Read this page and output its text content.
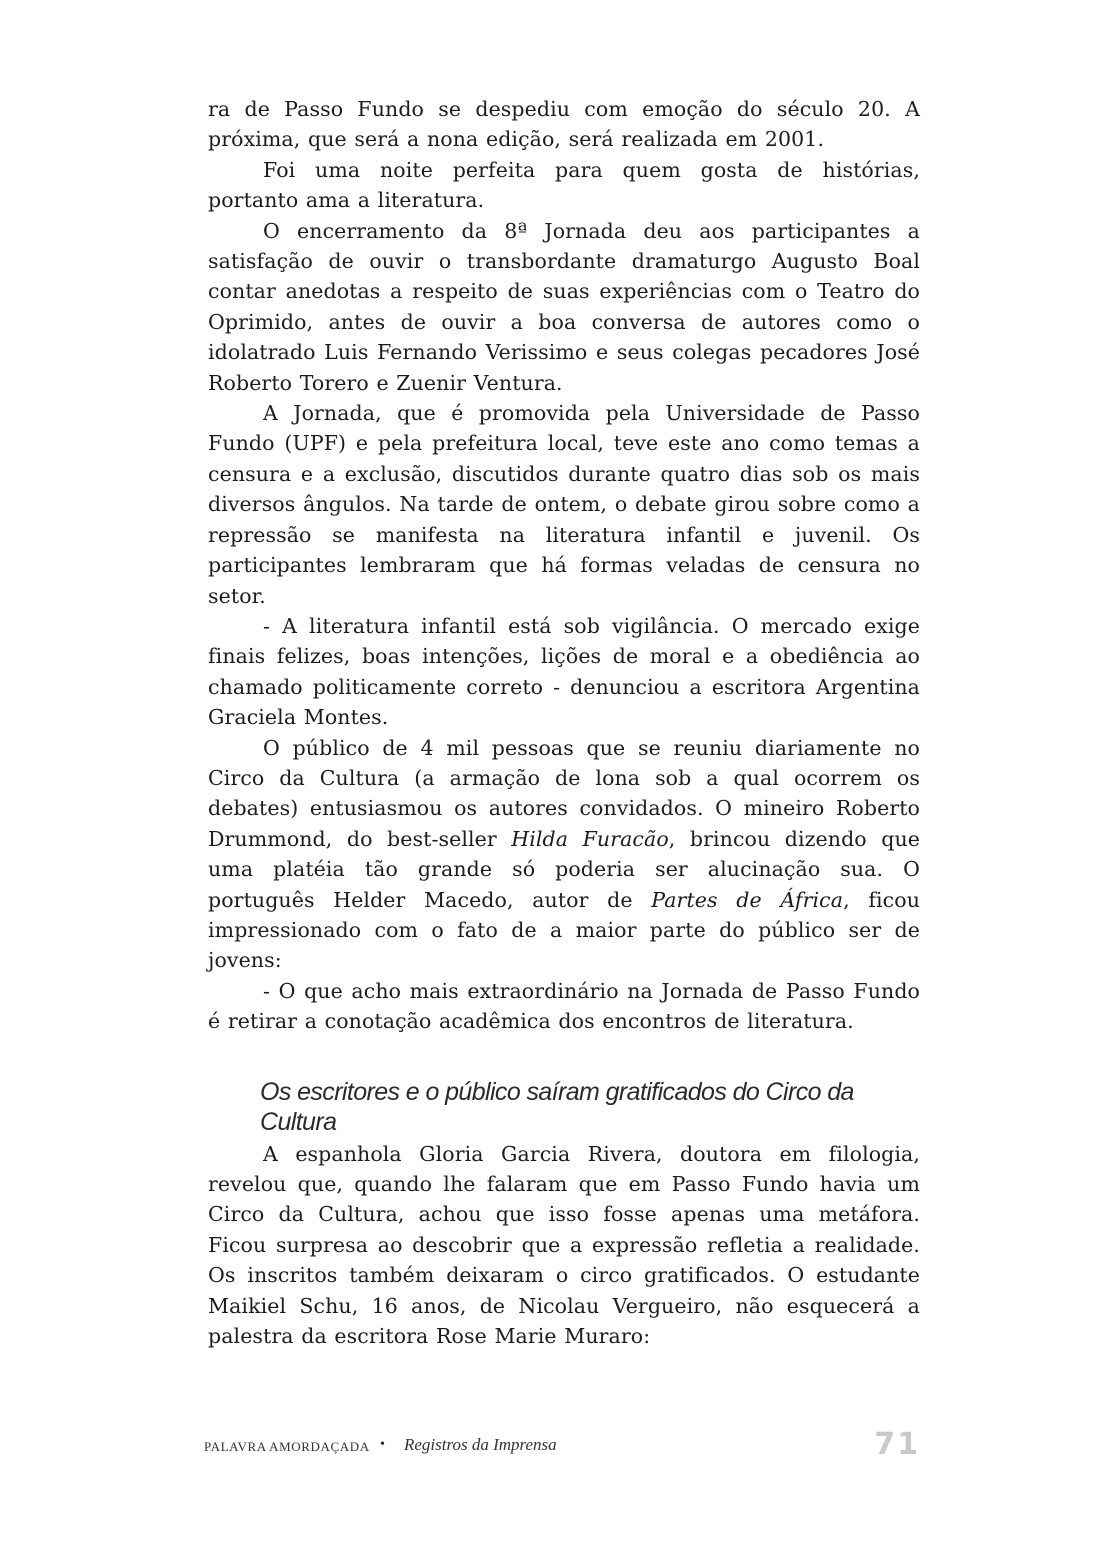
ra de Passo Fundo se despediu com emoção do século 20. A próxima, que será a nona edição, será realizada em 2001.

Foi uma noite perfeita para quem gosta de histórias, portanto ama a literatura.

O encerramento da 8ª Jornada deu aos participantes a satisfação de ouvir o transbordante dramaturgo Augusto Boal contar anedotas a respeito de suas experiências com o Teatro do Oprimido, antes de ouvir a boa conversa de autores como o idolatrado Luis Fernando Verissimo e seus colegas pecadores José Roberto Torero e Zuenir Ventura.

A Jornada, que é promovida pela Universidade de Passo Fundo (UPF) e pela prefeitura local, teve este ano como temas a censura e a exclusão, discutidos durante quatro dias sob os mais diversos ângulos. Na tarde de ontem, o debate girou sobre como a repressão se manifesta na literatura infantil e juvenil. Os participantes lembraram que há formas veladas de censura no setor.

- A literatura infantil está sob vigilância. O mercado exige finais felizes, boas intenções, lições de moral e a obediência ao chamado politicamente correto - denunciou a escritora Argentina Graciela Montes.

O público de 4 mil pessoas que se reuniu diariamente no Circo da Cultura (a armação de lona sob a qual ocorrem os debates) entusiasmou os autores convidados. O mineiro Roberto Drummond, do best-seller Hilda Furacão, brincou dizendo que uma platéia tão grande só poderia ser alucinação sua. O português Helder Macedo, autor de Partes de África, ficou impressionado com o fato de a maior parte do público ser de jovens:

- O que acho mais extraordinário na Jornada de Passo Fundo é retirar a conotação acadêmica dos encontros de literatura.

Os escritores e o público saíram gratificados do Circo da Cultura

A espanhola Gloria Garcia Rivera, doutora em filologia, revelou que, quando lhe falaram que em Passo Fundo havia um Circo da Cultura, achou que isso fosse apenas uma metáfora. Ficou surpresa ao descobrir que a expressão refletia a realidade. Os inscritos também deixaram o circo gratificados. O estudante Maikiel Schu, 16 anos, de Nicolau Vergueiro, não esquecerá a palestra da escritora Rose Marie Muraro:

PALAVRA AMORDAÇADA • Registros da Imprensa	71
